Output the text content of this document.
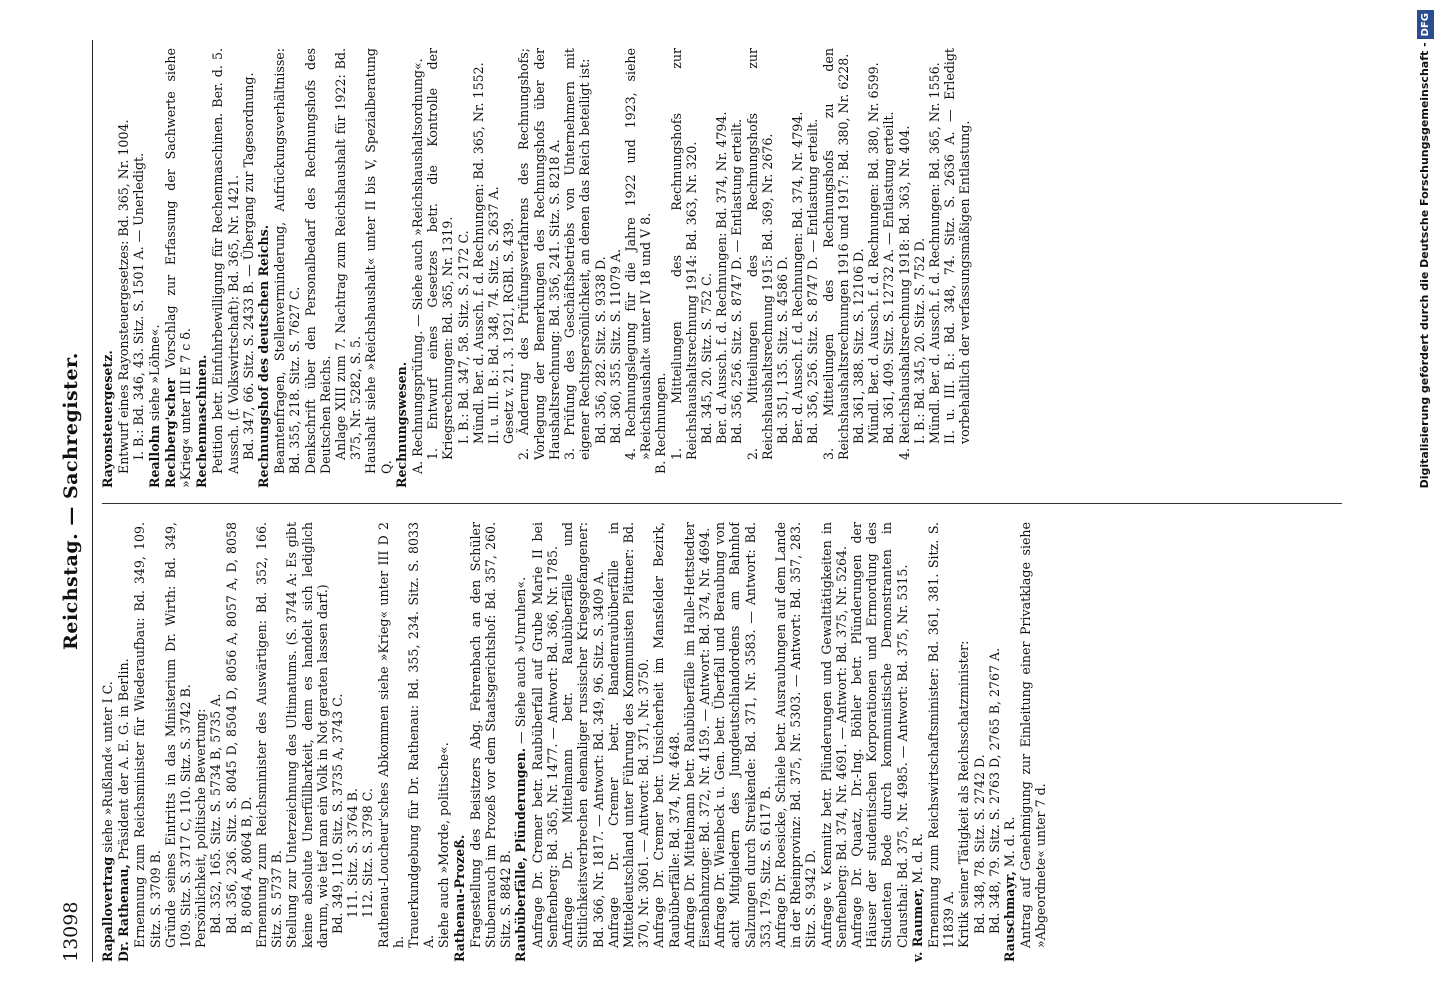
13098
Reichstag. — Sachregister.
Rapallovertrag siehe »Rußland« unter I C.
Dr. Rathenau, Präsident der A. E. G. in Berlin. Ernennung zum Reichsminister für Wiederaufbau: Bd. 349, 109. Sitz. S. 3709 B. Gründe seines Eintritts in das Ministerium Dr. Wirth: Bd. 349, 109. Sitz. S. 3717 C, 110. Sitz. S. 3742 B. Persönlichkeit, politische Bewertung: Bd. 352, 165. Sitz. S. 5734 B, 5735 A. Bd. 356, 236. Sitz. S. 8045 D, 8504 D, 8056 A, 8057 A, D, 8058 B, 8064 A, 8064 B, D. Ernennung zum Reichsminister des Auswärtigen: Bd. 352, 166. Sitz. S. 5737 B. Stellung zur Unterzeichnung des Ultimatums. (S. 3744 A: Es gibt keine absolute Unerfüllbarkeit, denn es handelt sich lediglich darum, wie tief man ein Volk in Not geraten lassen darf.) Bd. 349, 110. Sitz. S. 3735 A, 3743 C. 111. Sitz. S. 3764 B. 112. Sitz. S. 3798 C. Rathenau-Loucheur'sches Abkommen siehe »Krieg« unter III D 2 h. Trauerkundgebung für Dr. Rathenau: Bd. 355, 234. Sitz. S. 8033 A. Siehe auch »Morde, politische«. Rathenau-Prozeß. Fragestellung des Beisitzers Abg. Fehrenbach an den Schüler Stubenrauch im Prozeß vor dem Staatsgerichtshof: Bd. 357, 260. Sitz. S. 8842 B. Raubüberfälle, Plünderungen. — Siehe auch »Unruhen«. Anfrage Dr. Cremer betr. Raubüberfall auf Grube Marie II bei Senftenberg: Bd. 365, Nr. 1477. — Antwort: Bd. 366, Nr. 1785. Anfrage Dr. Mittelmann betr. Raubüberfälle und Sittlichkeitsverbrechen ehemaliger russischer Kriegsgefangener: Bd. 366, Nr. 1817. — Antwort: Bd. 349, 96. Sitz. S. 3409 A. Anfrage Dr. Cremer betr. Bandenraubüberfälle in Mitteldeutschland unter Führung des Kommunisten Plättner: Bd. 370, Nr. 3061. — Antwort: Bd. 371, Nr. 3750. Anfrage Dr. Cremer betr. Unsicherheit im Mansfelder Bezirk, Raubüberfälle: Bd. 374, Nr. 4648. Anfrage Dr. Mittelmann betr. Raubüberfälle im Halle-Hettstedter Eisenbahnzuge: Bd. 372, Nr. 4159. — Antwort: Bd. 374, Nr. 4694. Anfrage Dr. Wienbeck u. Gen. betr. Überfall und Beraubung von acht Mitgliedern des Jungdeutschlandordens am Bahnhof Salzungen durch Streikende: Bd. 371, Nr. 3583. — Antwort: Bd. 353, 179. Sitz. S. 6117 B. Anfrage Dr. Roesicke, Schiele betr. Ausraubungen auf dem Lande in der Rheinprovinz: Bd. 375, Nr. 5303. — Antwort: Bd. 357, 283. Sitz. S. 9342 D. Anfrage v. Kemnitz betr. Plünderungen und Gewalttätigkeiten in Senftenberg: Bd. 374, Nr. 4691. — Antwort: Bd. 375, Nr. 5264. Anfrage Dr. Quaatz, Dr.-Ing. Böhler betr. Plünderungen der Häuser der studentischen Korporationen und Ermordung des Studenten Bode durch kommunistische Demonstranten in Clausthal: Bd. 375, Nr. 4985. — Antwort: Bd. 375, Nr. 5315. v. Raumer, M. d. R. Ernennung zum Reichswirtschaftsminister: Bd. 361, 381. Sitz. S. 11839 A. Kritik seiner Tätigkeit als Reichsschatzminister: Bd. 348, 78. Sitz. S. 2742 D. Bd. 348, 79. Sitz. S. 2763 D, 2765 B, 2767 A. Rauschmayr, M. d. R. Antrag auf Genehmigung zur Einleitung einer Privatklage siehe »Abgeordnete« unter 7 d.
Rayonsteuergesetz. Entwurf eines Rayonsteuergesetzes: Bd. 365, Nr. 1004. I. B.: Bd. 346, 43. Sitz. S. 1501 A. — Unerledigt. Reallohn siehe »Löhne«.
Rechberg'scher Vorschlag zur Erfassung der Sachwerte siehe »Krieg« unter III E 7 c δ. Rechenmaschinen. Petition betr. Einfuhrbewilligung für Rechenmaschinen. Ber. d. 5. Aussch. (f. Volkswirtschaft): Bd. 365, Nr. 1421. Bd. 347, 66. Sitz. S. 2433 B. — Übergang zur Tagesordnung. Rechnungshof des deutschen Reichs. Beamtenfragen, Stellenverminderung, Aufrückungsverhältnisse: Bd. 355, 218. Sitz. S. 7627 C. Denkschrift über den Personalbedarf des Rechnungshofs des Deutschen Reichs. Anlage XIII zum 7. Nachtrag zum Reichshaushalt für 1922: Bd. 375, Nr. 5282, S. 5. Haushalt siehe »Reichshaushalt« unter II bis V, Spezialberatung Q. Rechnungswesen. A. Rechnungsprüfung. — Siehe auch »Reichshaushaltsordnung«. 1. Entwurf eines Gesetzes betr. die Kontrolle der Kriegsrechnungen: Bd. 365, Nr. 1319. I. B.: Bd. 347, 58. Sitz. S. 2172 C. Mündl. Ber. d. Aussch. f. d. Rechnungen: Bd. 365, Nr. 1552. II. u. III. B.: Bd. 348, 74. Sitz. S. 2637 A. Gesetz v. 21. 3. 1921, RGBl. S. 439. 2. Änderung des Prüfungsverfahrens des Rechnungshofs; Vorlegung der Bemerkungen des Rechnungshofs über der Haushaltsrechnung: Bd. 356, 241. Sitz. S. 8218 A. 3. Prüfung des Geschäftsbetriebs von Unternehmern mit eigener Rechtspersönlichkeit, an denen das Reich beteiligt ist: Bd. 356, 282. Sitz. S. 9338 D. Bd. 360, 355. Sitz. S. 11079 A. 4. Rechnungslegung für die Jahre 1922 und 1923, siehe »Reichshaushalt« unter IV 18 und V 8. B. Rechnungen. 1. Mitteilungen des Rechnungshofs zur Reichshaushaltsrechnung 1914: Bd. 363, Nr. 320. Bd. 345, 20. Sitz. S. 752 C. Ber. d. Aussch. f. d. Rechnungen: Bd. 374, Nr. 4794. Bd. 356, 256. Sitz. S. 8747 D. — Entlastung erteilt. 2. Mitteilungen des Rechnungshofs zur Reichshaushaltsrechnung 1915: Bd. 369, Nr. 2676. Bd. 351, 135. Sitz. S. 4586 D. Ber. d. Aussch. f. d. Rechnungen: Bd. 374, Nr. 4794. Bd. 356, 256. Sitz. S. 8747 D. — Entlastung erteilt. 3. Mitteilungen des Rechnungshofs zu den Reichshaushaltsrechnungen 1916 und 1917: Bd. 380, Nr. 6228. Bd. 361, 388. Sitz. S. 12106 D. Mündl. Ber. d. Aussch. f. d. Rechnungen: Bd. 380, Nr. 6599. Bd. 361, 409. Sitz. S. 12732 A. — Entlastung erteilt. 4. Reichshaushaltsrechnung 1918: Bd. 363, Nr. 404. I. B.: Bd. 345, 20. Sitz. S. 752 D. Mündl. Ber. d. Aussch. f. d. Rechnungen: Bd. 365, Nr. 1556. II. u. III. B.: Bd. 348, 74. Sitz. S. 2636 A. — Erledigt vorbehaltlich der verfassungsmäßigen Entlastung.	Digitalisierung gefördert durch die Deutsche Forschungsgemeinschaft -DFG
